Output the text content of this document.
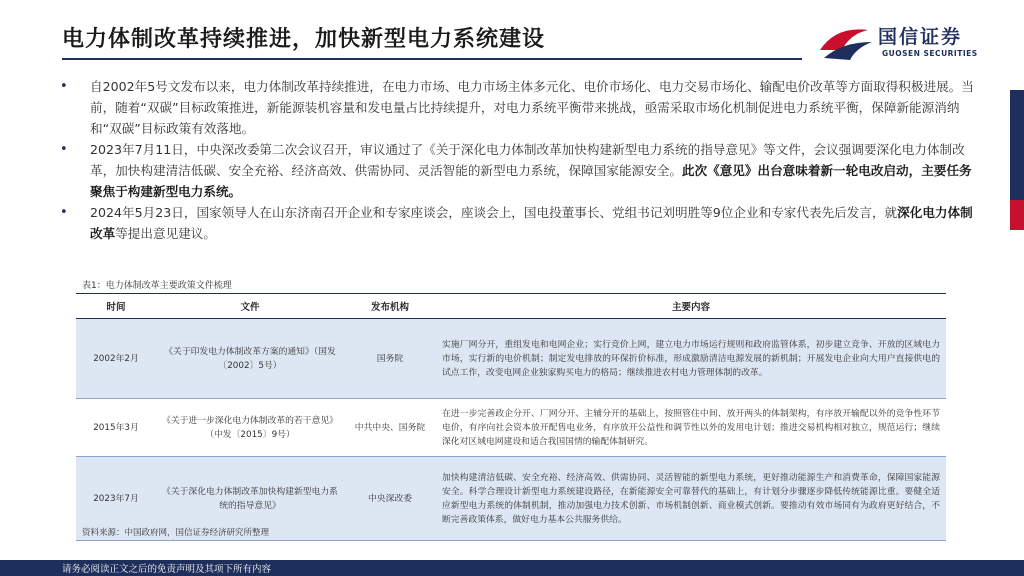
电力体制改革持续推进，加快新型电力系统建设	国信证券
GUOSEN SECURITIES
• 自2002年5号文发布以来，电力体制改革持续推进，在电力市场、电力市场主体多元化、电价市场化、电力交易市场化、输配电价改革等方面取得积极进展。当前，随着“双碳”目标政策推进，新能源装机容量和发电量占比持续提升，对电力系统平衡带来挑战，亟需采取市场化机制促进电力系统平衡，保障新能源消纳和“双碳”目标政策有效落地。
• 2023年7月11日，中央深改委第二次会议召开，审议通过了《关于深化电力体制改革加快构建新型电力系统的指导意见》等文件，会议强调要深化电力体制改革，加快构建清洁低碳、安全充裕、经济高效、供需协同、灵活智能的新型电力系统，保障国家能源安全。此次《意见》出台意味着新一轮电改启动，主要任务聚焦于构建新型电力系统。
• 2024年5月23日，国家领导人在山东济南召开企业和专家座谈会，座谈会上，国电投董事长、党组书记刘明胜等9位企业和专家代表先后发言，就深化电力体制改革等提出意见建议。
表1：电力体制改革主要政策文件梳理
时间	文件	发布机构	主要内容
2002年2月	《关于印发电力体制改革方案的通知》（国发〔2002〕5号）	国务院	实施厂网分开，重组发电和电网企业；实行竞价上网，建立电力市场运行规则和政府监管体系，初步建立竞争、开放的区域电力市场，实行新的电价机制；制定发电排放的环保折价标准，形成激励清洁电源发展的新机制；开展发电企业向大用户直接供电的试点工作，改变电网企业独家购买电力的格局；继续推进农村电力管理体制的改革。
2015年3月	《关于进一步深化电力体制改革的若干意见》（中发〔2015〕9号）	中共中央、国务院	在进一步完善政企分开、厂网分开、主辅分开的基础上，按照管住中间、放开两头的体制架构，有序放开输配以外的竞争性环节电价，有序向社会资本放开配售电业务，有序放开公益性和调节性以外的发用电计划；推进交易机构相对独立，规范运行；继续深化对区域电网建设和适合我国国情的输配体制研究。
2023年7月	《关于深化电力体制改革加快构建新型电力系统的指导意见》	中央深改委	加快构建清洁低碳、安全充裕、经济高效、供需协同、灵活智能的新型电力系统，更好推动能源生产和消费革命，保障国家能源安全。科学合理设计新型电力系统建设路径，在新能源安全可靠替代的基础上，有计划分步骤逐步降低传统能源比重。要健全适应新型电力系统的体制机制，推动加强电力技术创新、市场机制创新、商业模式创新。要推动有效市场同有为政府更好结合，不断完善政策体系，做好电力基本公共服务供给。
资料来源：中国政府网，国信证券经济研究所整理
请务必阅读正文之后的免责声明及其项下所有内容
